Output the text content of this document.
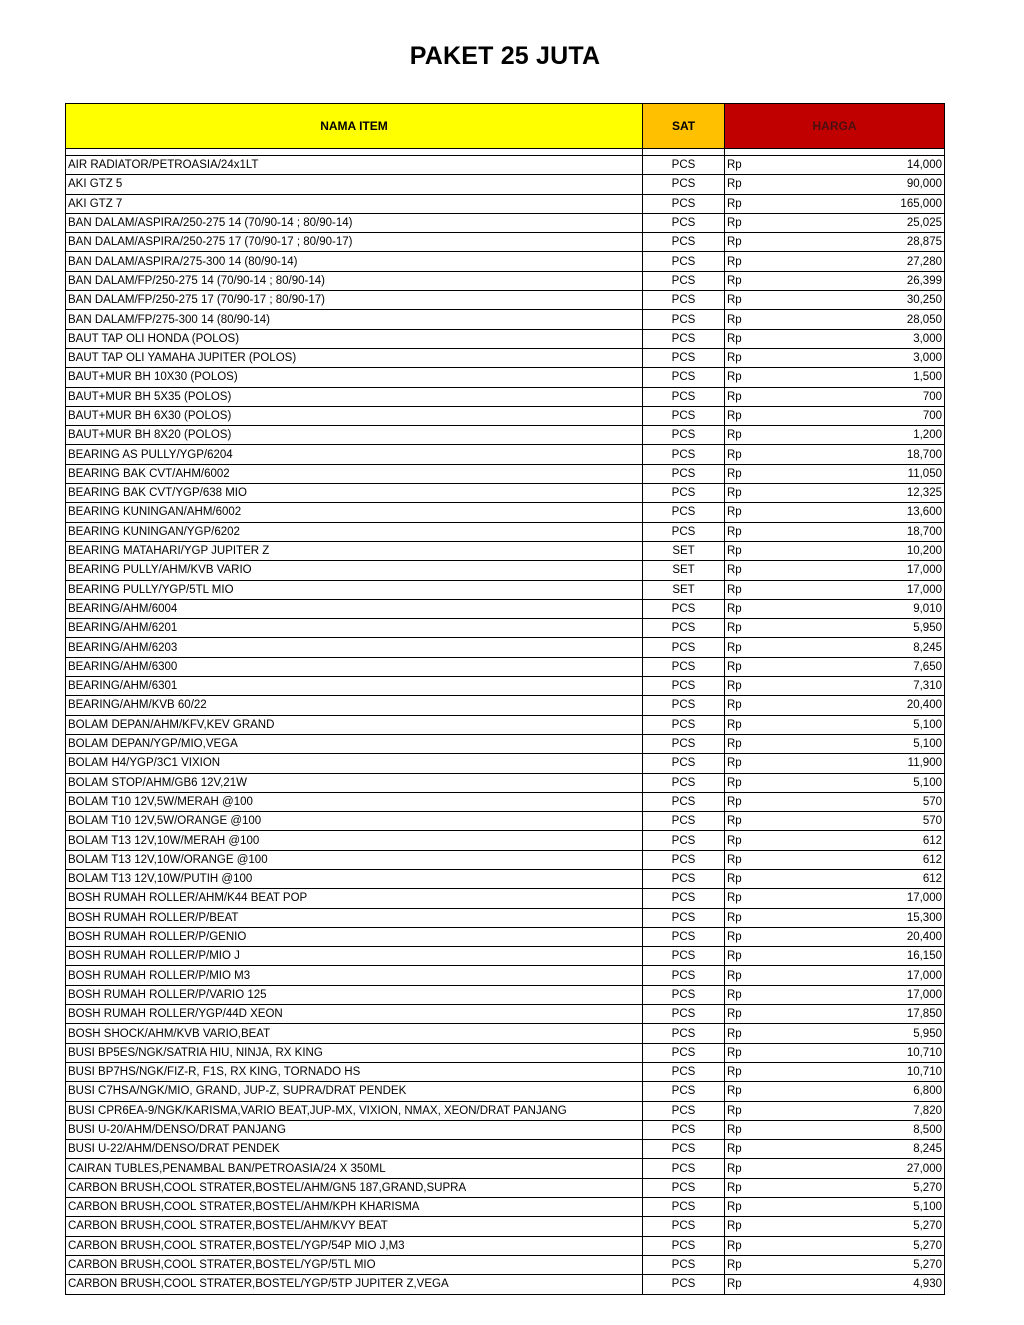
PAKET 25 JUTA
NAMA ITEM	SAT	HARGA	

AIR RADIATOR/PETROASIA/24x1LT	PCS	Rp	14,000
AKI GTZ 5	PCS	Rp	90,000
AKI GTZ 7	PCS	Rp	165,000
BAN DALAM/ASPIRA/250-275 14 (70/90-14 ; 80/90-14)	PCS	Rp	25,025
BAN DALAM/ASPIRA/250-275 17 (70/90-17 ; 80/90-17)	PCS	Rp	28,875
BAN DALAM/ASPIRA/275-300 14 (80/90-14)	PCS	Rp	27,280
BAN DALAM/FP/250-275 14 (70/90-14 ; 80/90-14)	PCS	Rp	26,399
BAN DALAM/FP/250-275 17 (70/90-17 ; 80/90-17)	PCS	Rp	30,250
BAN DALAM/FP/275-300 14 (80/90-14)	PCS	Rp	28,050
BAUT TAP OLI HONDA (POLOS)	PCS	Rp	3,000
BAUT TAP OLI YAMAHA JUPITER (POLOS)	PCS	Rp	3,000
BAUT+MUR BH 10X30 (POLOS)	PCS	Rp	1,500
BAUT+MUR BH 5X35 (POLOS)	PCS	Rp	700
BAUT+MUR BH 6X30 (POLOS)	PCS	Rp	700
BAUT+MUR BH 8X20 (POLOS)	PCS	Rp	1,200
BEARING AS PULLY/YGP/6204	PCS	Rp	18,700
BEARING BAK CVT/AHM/6002	PCS	Rp	11,050
BEARING BAK CVT/YGP/638 MIO	PCS	Rp	12,325
BEARING KUNINGAN/AHM/6002	PCS	Rp	13,600
BEARING KUNINGAN/YGP/6202	PCS	Rp	18,700
BEARING MATAHARI/YGP JUPITER Z	SET	Rp	10,200
BEARING PULLY/AHM/KVB VARIO	SET	Rp	17,000
BEARING PULLY/YGP/5TL MIO	SET	Rp	17,000
BEARING/AHM/6004	PCS	Rp	9,010
BEARING/AHM/6201	PCS	Rp	5,950
BEARING/AHM/6203	PCS	Rp	8,245
BEARING/AHM/6300	PCS	Rp	7,650
BEARING/AHM/6301	PCS	Rp	7,310
BEARING/AHM/KVB 60/22	PCS	Rp	20,400
BOLAM DEPAN/AHM/KFV,KEV GRAND	PCS	Rp	5,100
BOLAM DEPAN/YGP/MIO,VEGA	PCS	Rp	5,100
BOLAM H4/YGP/3C1 VIXION	PCS	Rp	11,900
BOLAM STOP/AHM/GB6 12V,21W	PCS	Rp	5,100
BOLAM T10 12V,5W/MERAH @100	PCS	Rp	570
BOLAM T10 12V,5W/ORANGE @100	PCS	Rp	570
BOLAM T13 12V,10W/MERAH @100	PCS	Rp	612
BOLAM T13 12V,10W/ORANGE @100	PCS	Rp	612
BOLAM T13 12V,10W/PUTIH @100	PCS	Rp	612
BOSH RUMAH ROLLER/AHM/K44 BEAT POP	PCS	Rp	17,000
BOSH RUMAH ROLLER/P/BEAT	PCS	Rp	15,300
BOSH RUMAH ROLLER/P/GENIO	PCS	Rp	20,400
BOSH RUMAH ROLLER/P/MIO J	PCS	Rp	16,150
BOSH RUMAH ROLLER/P/MIO M3	PCS	Rp	17,000
BOSH RUMAH ROLLER/P/VARIO 125	PCS	Rp	17,000
BOSH RUMAH ROLLER/YGP/44D XEON	PCS	Rp	17,850
BOSH SHOCK/AHM/KVB VARIO,BEAT	PCS	Rp	5,950
BUSI BP5ES/NGK/SATRIA HIU, NINJA, RX KING	PCS	Rp	10,710
BUSI BP7HS/NGK/FIZ-R, F1S, RX KING, TORNADO HS	PCS	Rp	10,710
BUSI C7HSA/NGK/MIO, GRAND, JUP-Z, SUPRA/DRAT PENDEK	PCS	Rp	6,800
BUSI CPR6EA-9/NGK/KARISMA,VARIO BEAT,JUP-MX, VIXION, NMAX, XEON/DRAT PANJANG	PCS	Rp	7,820
BUSI U-20/AHM/DENSO/DRAT PANJANG	PCS	Rp	8,500
BUSI U-22/AHM/DENSO/DRAT PENDEK	PCS	Rp	8,245
CAIRAN TUBLES,PENAMBAL BAN/PETROASIA/24 X 350ML	PCS	Rp	27,000
CARBON BRUSH,COOL STRATER,BOSTEL/AHM/GN5 187,GRAND,SUPRA	PCS	Rp	5,270
CARBON BRUSH,COOL STRATER,BOSTEL/AHM/KPH KHARISMA	PCS	Rp	5,100
CARBON BRUSH,COOL STRATER,BOSTEL/AHM/KVY BEAT	PCS	Rp	5,270
CARBON BRUSH,COOL STRATER,BOSTEL/YGP/54P MIO J,M3	PCS	Rp	5,270
CARBON BRUSH,COOL STRATER,BOSTEL/YGP/5TL MIO	PCS	Rp	5,270
CARBON BRUSH,COOL STRATER,BOSTEL/YGP/5TP JUPITER Z,VEGA	PCS	Rp	4,930
